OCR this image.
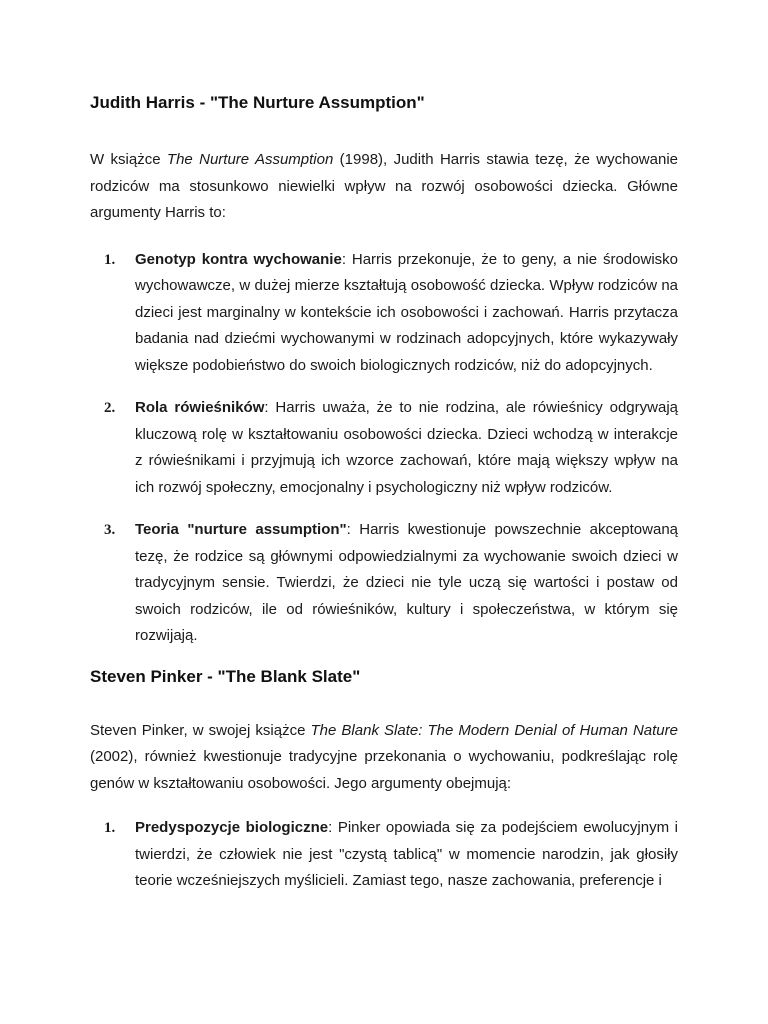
Judith Harris - "The Nurture Assumption"

W książce The Nurture Assumption (1998), Judith Harris stawia tezę, że wychowanie rodziców ma stosunkowo niewielki wpływ na rozwój osobowości dziecka. Główne argumenty Harris to:

1. Genotyp kontra wychowanie: Harris przekonuje, że to geny, a nie środowisko wychowawcze, w dużej mierze kształtują osobowość dziecka. Wpływ rodziców na dzieci jest marginalny w kontekście ich osobowości i zachowań. Harris przytacza badania nad dziećmi wychowanymi w rodzinach adopcyjnych, które wykazywały większe podobieństwo do swoich biologicznych rodziców, niż do adopcyjnych.
2. Rola rówieśników: Harris uważa, że to nie rodzina, ale rówieśnicy odgrywają kluczową rolę w kształtowaniu osobowości dziecka. Dzieci wchodzą w interakcje z rówieśnikami i przyjmują ich wzorce zachowań, które mają większy wpływ na ich rozwój społeczny, emocjonalny i psychologiczny niż wpływ rodziców.
3. Teoria "nurture assumption": Harris kwestionuje powszechnie akceptowaną tezę, że rodzice są głównymi odpowiedzialnymi za wychowanie swoich dzieci w tradycyjnym sensie. Twierdzi, że dzieci nie tyle uczą się wartości i postaw od swoich rodziców, ile od rówieśników, kultury i społeczeństwa, w którym się rozwijają.
Steven Pinker - "The Blank Slate"

Steven Pinker, w swojej książce The Blank Slate: The Modern Denial of Human Nature (2002), również kwestionuje tradycyjne przekonania o wychowaniu, podkreślając rolę genów w kształtowaniu osobowości. Jego argumenty obejmują:

1. Predyspozycje biologiczne: Pinker opowiada się za podejściem ewolucyjnym i twierdzi, że człowiek nie jest "czystą tablicą" w momencie narodzin, jak głosiły teorie wcześniejszych myślicieli. Zamiast tego, nasze zachowania, preferencje i
